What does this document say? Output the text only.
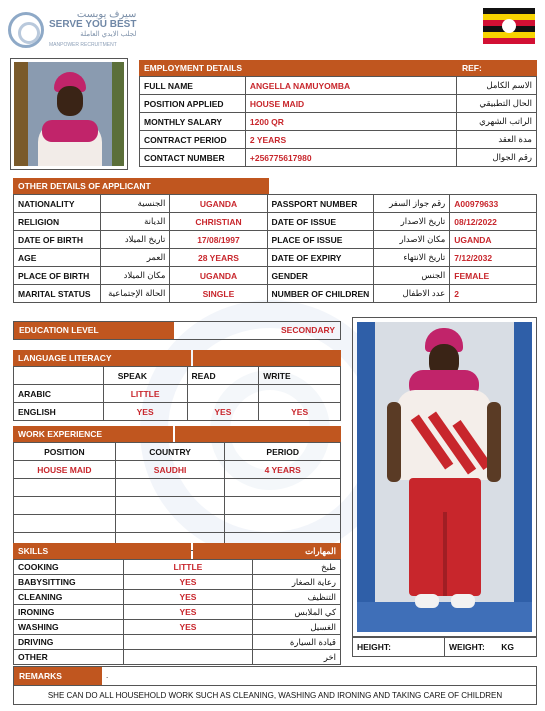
سيرف يوبست
SERVE YOU BEST
لجلب الايدي العاملة
MANPOWER RECRUITMENT
EMPLOYMENT DETAILS	REF:
FULL NAME	ANGELLA NAMUYOMBA	الاسم الكامل
POSITION APPLIED	HOUSE MAID	الحال التطبيقي
MONTHLY SALARY	1200 QR	الراتب الشهري
CONTRACT PERIOD	2 YEARS	مدة العقد
CONTACT NUMBER	+256775617980	رقم الجوال
OTHER DETAILS OF APPLICANT
NATIONALITY	الجنسية	UGANDA	PASSPORT NUMBER	رقم جواز السفر	A00979633
RELIGION	الديانة	CHRISTIAN	DATE OF ISSUE	تاريخ الاصدار	08/12/2022
DATE OF BIRTH	تاريخ الميلاد	17/08/1997	PLACE OF ISSUE	مكان الاصدار	UGANDA
AGE	العمر	28 YEARS	DATE OF EXPIRY	تاريخ الانتهاء	7/12/2032
PLACE OF BIRTH	مكان الميلاد	UGANDA	GENDER	الجنس	FEMALE
MARITAL STATUS	الحالة الإجتماعية	SINGLE	NUMBER OF CHILDREN	عدد الاطفال	2
EDUCATION LEVEL	SECONDARY
LANGUAGE LITERACY
	SPEAK	READ	WRITE
ARABIC	LITTLE		
ENGLISH	YES	YES	YES
WORK EXPERIENCE
POSITION	COUNTRY	PERIOD
HOUSE MAID	SAUDHI	4 YEARS

SKILLS	المهارات
COOKING	LITTLE	طبخ
BABYSITTING	YES	رعاية الصغار
CLEANING	YES	التنظيف
IRONING	YES	كي الملابس
WASHING	YES	الغسيل
DRIVING		قيادة السيارة
OTHER		اخر
HEIGHT:	WEIGHT: KG
REMARKS	.
SHE CAN DO ALL HOUSEHOLD WORK SUCH AS CLEANING, WASHING AND IRONING AND TAKING CARE OF CHILDREN
